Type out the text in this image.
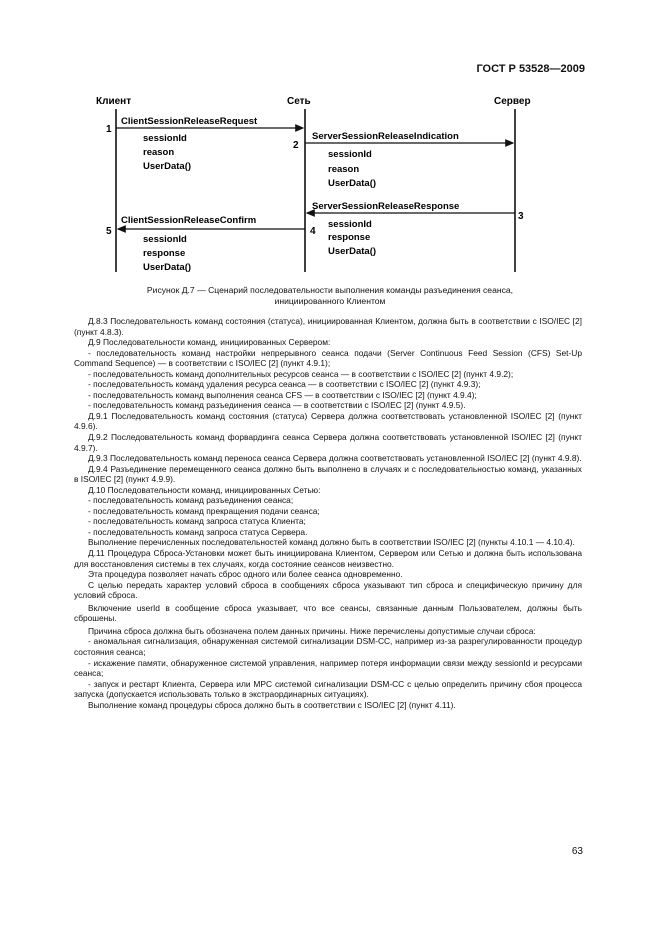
ГОСТ Р 53528—2009
Клиент	Сеть	Сервер
1
ClientSessionReleaseRequest
sessionId
reason
UserData()
2
ServerSessionReleaseIndication
sessionId
reason
UserData()
ServerSessionReleaseResponse
3
sessionId
response
UserData()
4
ClientSessionReleaseConfirm
5
sessionId
response
UserData()
Рисунок Д.7 — Сценарий последовательности выполнения команды разъединения сеанса,
инициированного Клиентом

Д.8.3 Последовательность команд состояния (статуса), инициированная Клиентом, должна быть в соответствии с ISO/IEC [2] (пункт 4.8.3).

Д.9 Последовательности команд, инициированных Сервером:

- последовательность команд настройки непрерывного сеанса подачи (Server Continuous Feed Session (CFS) Set-Up Command Sequence) — в соответствии с ISO/IEC [2] (пункт 4.9.1);

- последовательность команд дополнительных ресурсов сеанса — в соответствии с ISO/IEC [2] (пункт 4.9.2);

- последовательность команд удаления ресурса сеанса — в соответствии с ISO/IEC [2] (пункт 4.9.3);

- последовательность команд выполнения сеанса CFS — в соответствии с ISO/IEC [2] (пункт 4.9.4);

- последовательность команд разъединения сеанса — в соответствии с ISO/IEC [2] (пункт 4.9.5).

Д.9.1 Последовательность команд состояния (статуса) Сервера должна соответствовать установленной ISO/IEC [2] (пункт 4.9.6).

Д.9.2 Последовательность команд форвардинга сеанса Сервера должна соответствовать установленной ISO/IEC [2] (пункт 4.9.7).

Д.9.3 Последовательность команд переноса сеанса Сервера должна соответствовать установленной ISO/IEC [2] (пункт 4.9.8).

Д.9.4 Разъединение перемещенного сеанса должно быть выполнено в случаях и с последовательностью команд, указанных в ISO/IEC [2] (пункт 4.9.9).

Д.10 Последовательности команд, инициированных Сетью:

- последовательность команд разъединения сеанса;

- последовательность команд прекращения подачи сеанса;

- последовательность команд запроса статуса Клиента;

- последовательность команд запроса статуса Сервера.

Выполнение перечисленных последовательностей команд должно быть в соответствии ISO/IEC [2] (пункты 4.10.1 — 4.10.4).

Д.11 Процедура Сброса-Установки может быть инициирована Клиентом, Сервером или Сетью и должна быть использована для восстановления системы в тех случаях, когда состояние сеансов неизвестно.

Эта процедура позволяет начать сброс одного или более сеанса одновременно.

С целью передать характер условий сброса в сообщениях сброса указывают тип сброса и специфическую причину для условий сброса.

Включение userId в сообщение сброса указывает, что все сеансы, связанные данным Пользователем, должны быть сброшены.

Причина сброса должна быть обозначена полем данных причины. Ниже перечислены допустимые случаи сброса:

- аномальная сигнализация, обнаруженная системой сигнализации DSM-CC, например из-за разрегулированности процедур состояния сеанса;

- искажение памяти, обнаруженное системой управления, например потеря информации связи между sessionId и ресурсами сеанса;

- запуск и рестарт Клиента, Сервера или MPC системой сигнализации DSM-CC с целью определить причину сбоя процесса запуска (допускается использовать только в экстраординарных ситуациях).

Выполнение команд процедуры сброса должно быть в соответствии с ISO/IEC [2] (пункт 4.11).

63
